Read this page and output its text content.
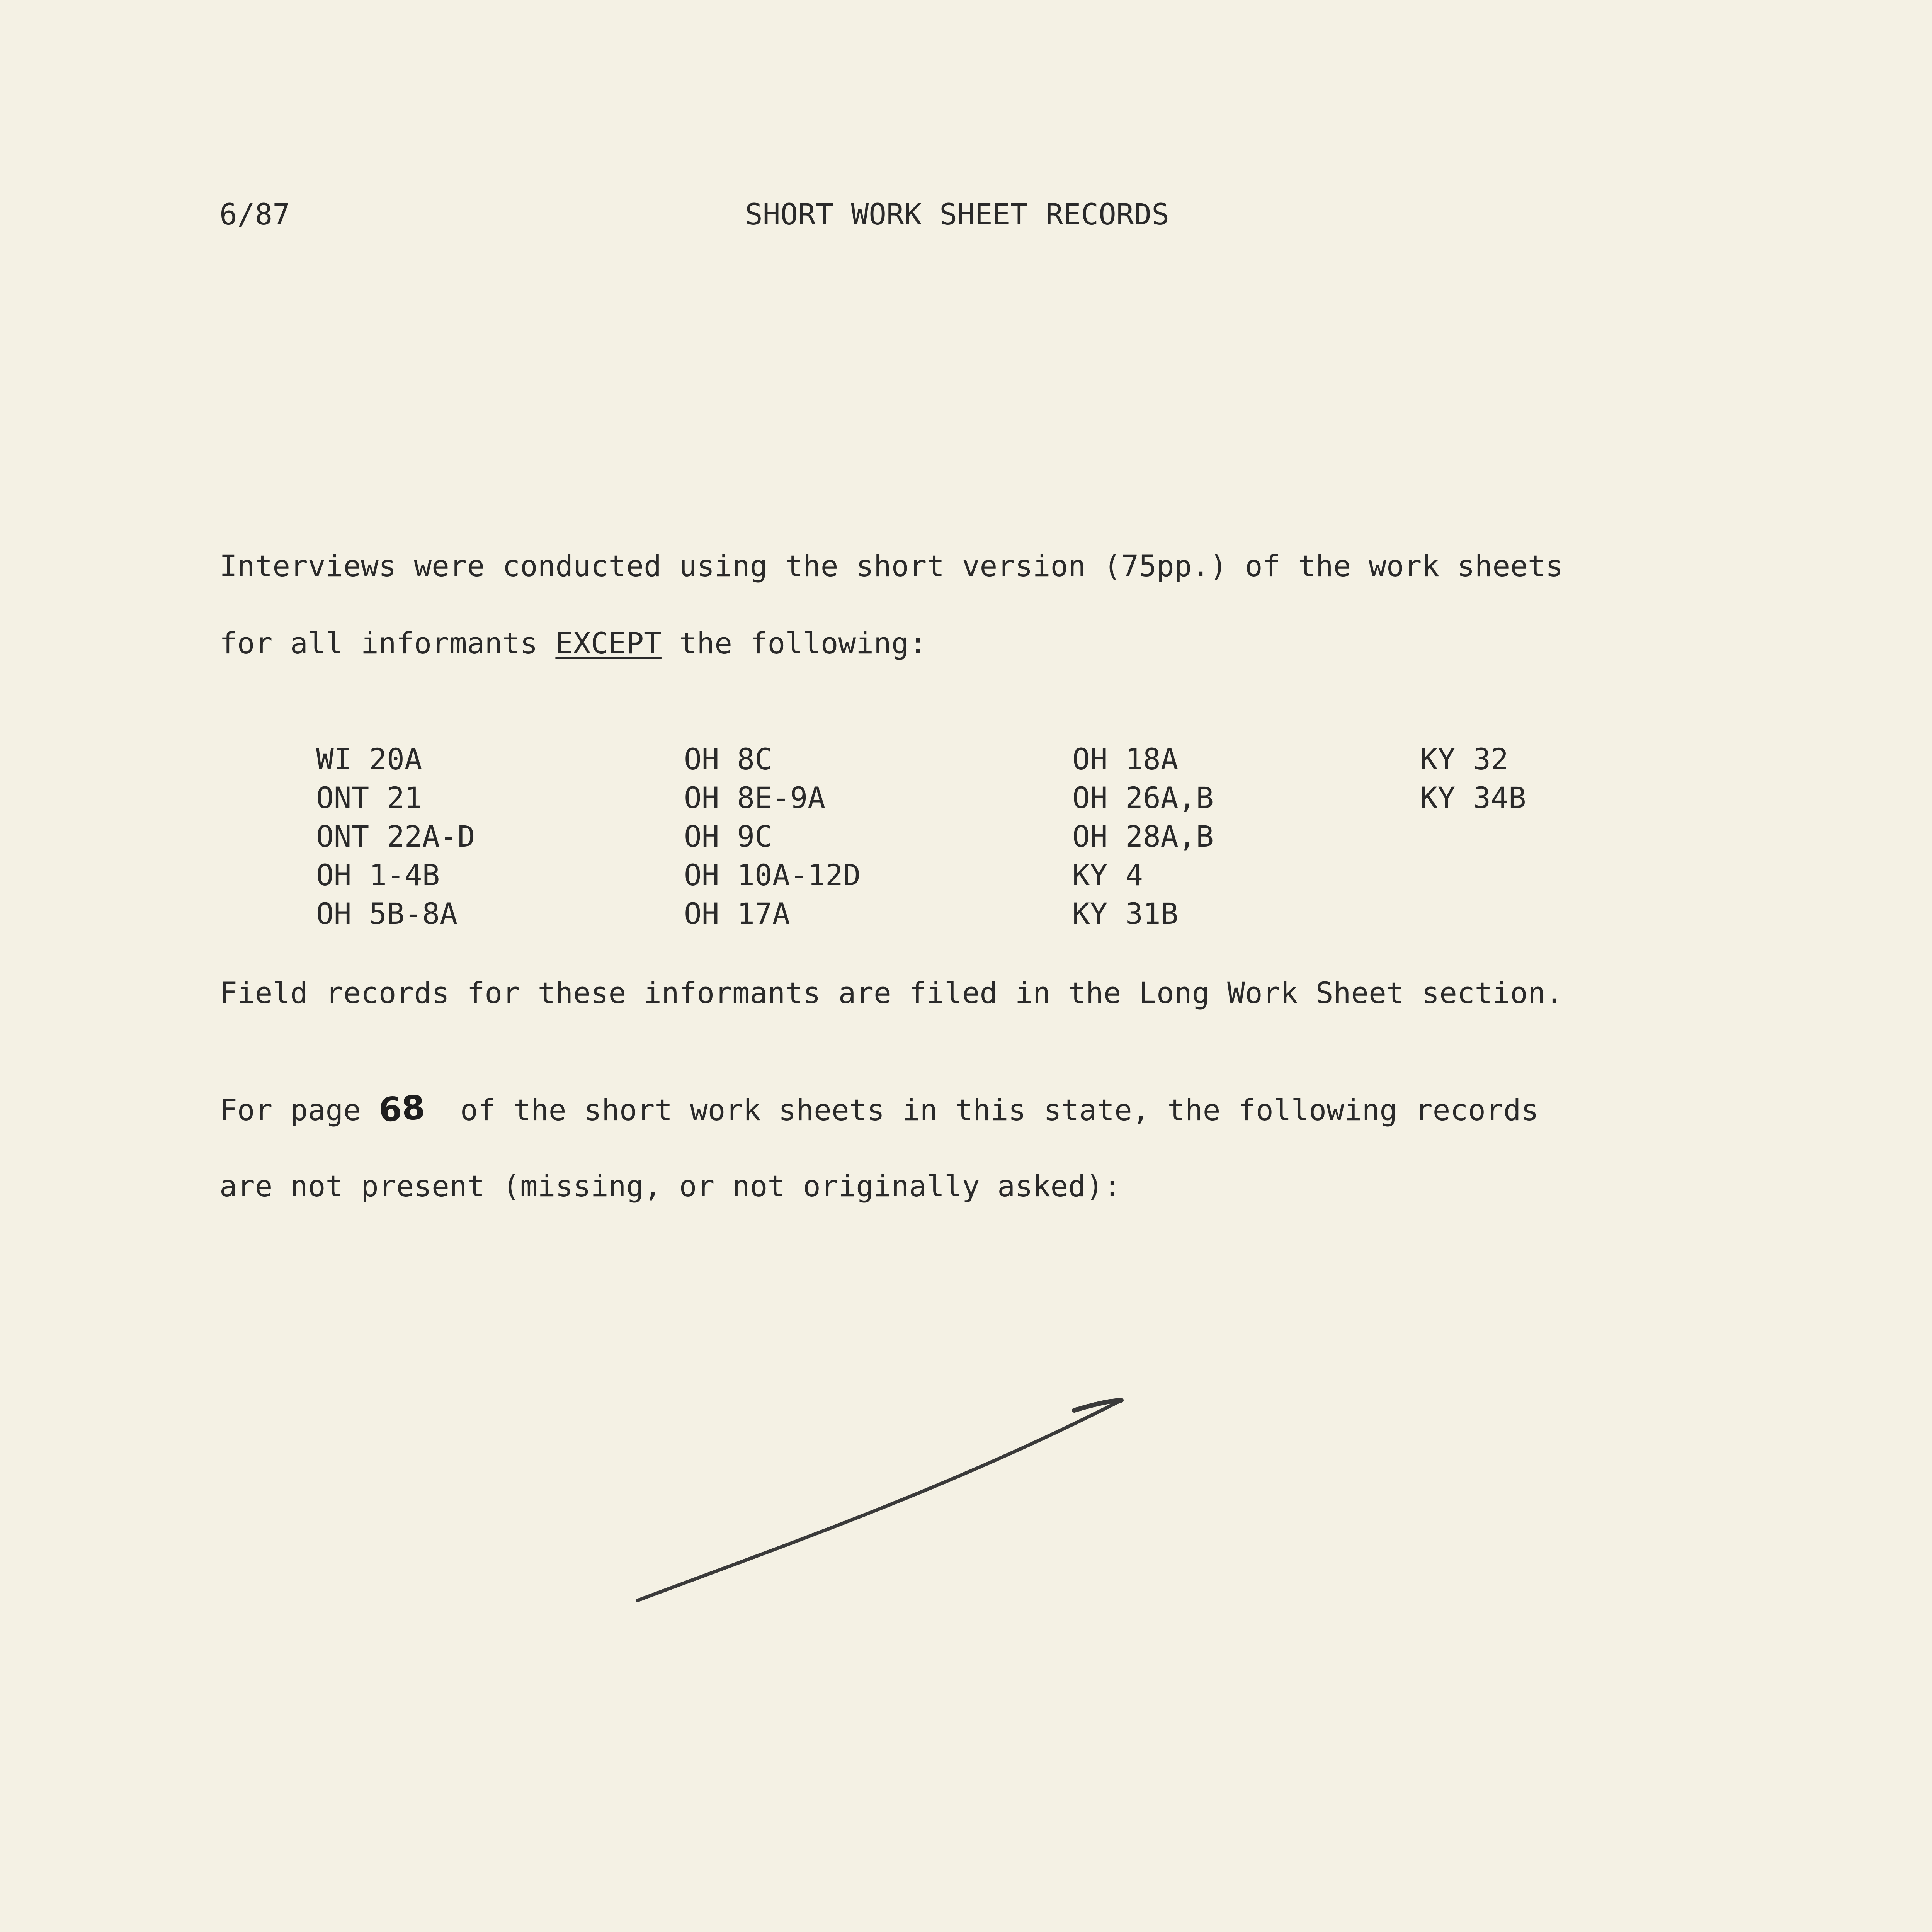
6/87	SHORT WORK SHEET RECORDS
Interviews were conducted using the short version (75pp.) of the work sheets
for all informants EXCEPT the following:
WI 20A
ONT 21
ONT 22A-D
OH 1-4B
OH 5B-8A
OH 8C
OH 8E-9A
OH 9C
OH 10A-12D
OH 17A
OH 18A
OH 26A,B
OH 28A,B
KY 4
KY 31B
KY 32
KY 34B
Field records for these informants are filed in the Long Work Sheet section.
For page 68 of the short work sheets in this state, the following records
are not present (missing, or not originally asked):
